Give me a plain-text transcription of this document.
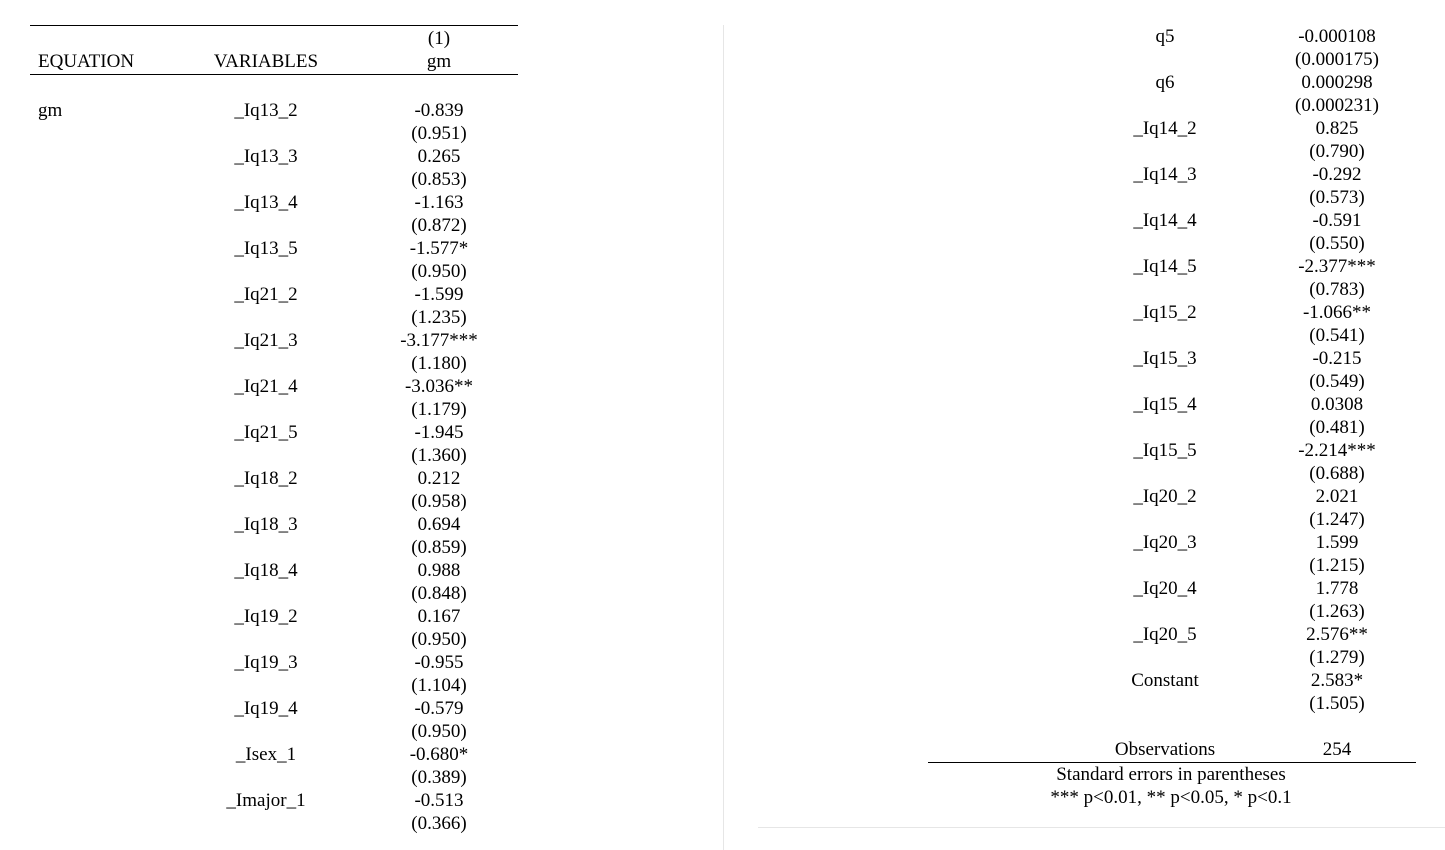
(1)
EQUATION	VARIABLES	gm
gm	_Iq13_2	-0.839
(0.951)
_Iq13_3	0.265
(0.853)
_Iq13_4	-1.163
(0.872)
_Iq13_5	-1.577*
(0.950)
_Iq21_2	-1.599
(1.235)
_Iq21_3	-3.177***
(1.180)
_Iq21_4	-3.036**
(1.179)
_Iq21_5	-1.945
(1.360)
_Iq18_2	0.212
(0.958)
_Iq18_3	0.694
(0.859)
_Iq18_4	0.988
(0.848)
_Iq19_2	0.167
(0.950)
_Iq19_3	-0.955
(1.104)
_Iq19_4	-0.579
(0.950)
_Isex_1	-0.680*
(0.389)
_Imajor_1	-0.513
(0.366)
q5	-0.000108
(0.000175)
q6	0.000298
(0.000231)
_Iq14_2	0.825
(0.790)
_Iq14_3	-0.292
(0.573)
_Iq14_4	-0.591
(0.550)
_Iq14_5	-2.377***
(0.783)
_Iq15_2	-1.066**
(0.541)
_Iq15_3	-0.215
(0.549)
_Iq15_4	0.0308
(0.481)
_Iq15_5	-2.214***
(0.688)
_Iq20_2	2.021
(1.247)
_Iq20_3	1.599
(1.215)
_Iq20_4	1.778
(1.263)
_Iq20_5	2.576**
(1.279)
Constant	2.583*
(1.505)
Observations	254
Standard errors in parentheses
*** p<0.01, ** p<0.05, * p<0.1
